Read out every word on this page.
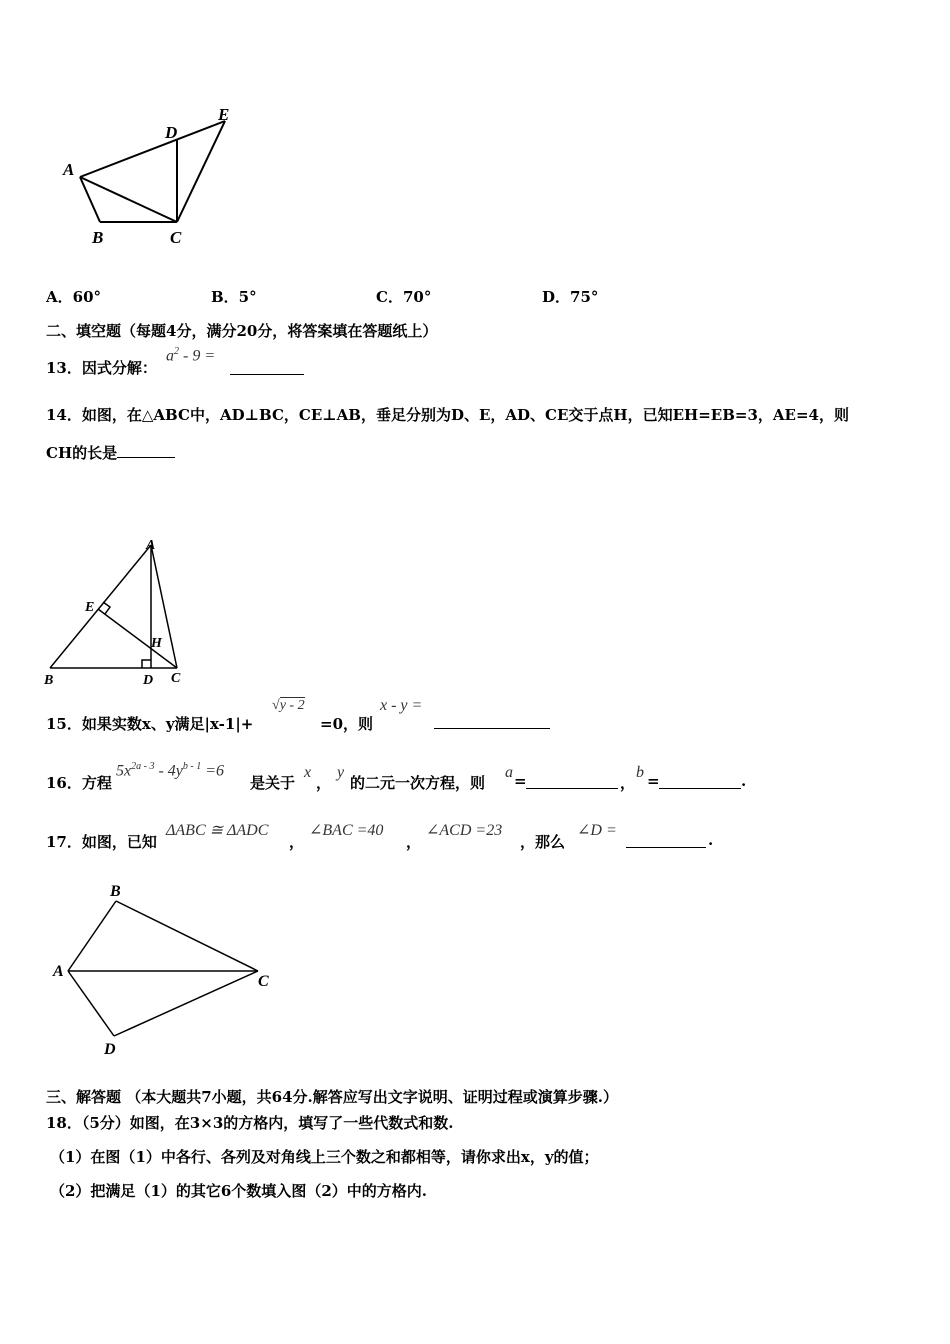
A
B	C
D
E
A．60°	B．5°	C．70°	D．75°
二、填空题（每题4分，满分20分，将答案填在答题纸上）
13．因式分解：
$a^2 - 9$ =
14．如图，在△ABC中，AD⊥BC，CE⊥AB，垂足分别为D、E，AD、CE交于点H，已知EH=EB=3，AE=4，则
CH的长是
A
B	C
D
E
H
15．如果实数x、y满足|x-1|+
√y - 2
=0，则
x - y =
16．方程
$5x^{2a - 3} - 4y^{b - 1} =6$
是关于
x
，
y
的二元一次方程，则
a =	，
b =	.
17．如图，已知
ΔABC ≅ ΔADC
，
∠BAC =40
，
∠ACD =23
，那么
∠D =
.
A
B
C
D
三、解答题 （本大题共7小题，共64分.解答应写出文字说明、证明过程或演算步骤.）
18．（5分）如图，在3×3的方格内，填写了一些代数式和数.
（1）在图（1）中各行、各列及对角线上三个数之和都相等，请你求出x，y的值；
（2）把满足（1）的其它6个数填入图（2）中的方格内.
